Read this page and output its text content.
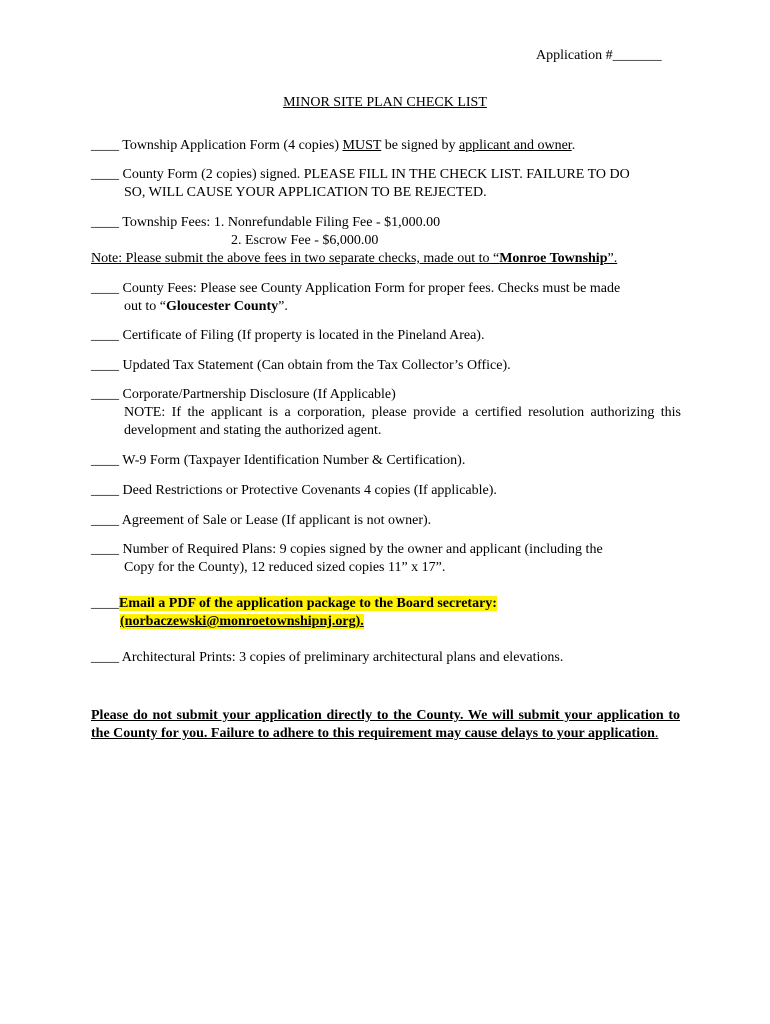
Application #_______
MINOR SITE PLAN CHECK LIST
____ Township Application Form (4 copies) MUST be signed by applicant and owner.
____ County Form (2 copies) signed. PLEASE FILL IN THE CHECK LIST. FAILURE TO DO
SO, WILL CAUSE YOUR APPLICATION TO BE REJECTED.
____ Township Fees: 1. Nonrefundable Filing Fee - $1,000.00
2. Escrow Fee - $6,000.00
Note: Please submit the above fees in two separate checks, made out to “Monroe Township”.
____ County Fees: Please see County Application Form for proper fees. Checks must be made
out to “Gloucester County”.
____ Certificate of Filing (If property is located in the Pineland Area).
____ Updated Tax Statement (Can obtain from the Tax Collector’s Office).
____ Corporate/Partnership Disclosure (If Applicable)
NOTE: If the applicant is a corporation, please provide a certified resolution authorizing this development and stating the authorized agent.
____ W-9 Form (Taxpayer Identification Number & Certification).
____ Deed Restrictions or Protective Covenants 4 copies (If applicable).
____ Agreement of Sale or Lease (If applicant is not owner).
____ Number of Required Plans: 9 copies signed by the owner and applicant (including the
Copy for the County), 12 reduced sized copies 11” x 17”.
____Email a PDF of the application package to the Board secretary:
(norbaczewski@monroetownshipnj.org).
____ Architectural Prints: 3 copies of preliminary architectural plans and elevations.
Please do not submit your application directly to the County. We will submit your application to the County for you. Failure to adhere to this requirement may cause delays to your application.
